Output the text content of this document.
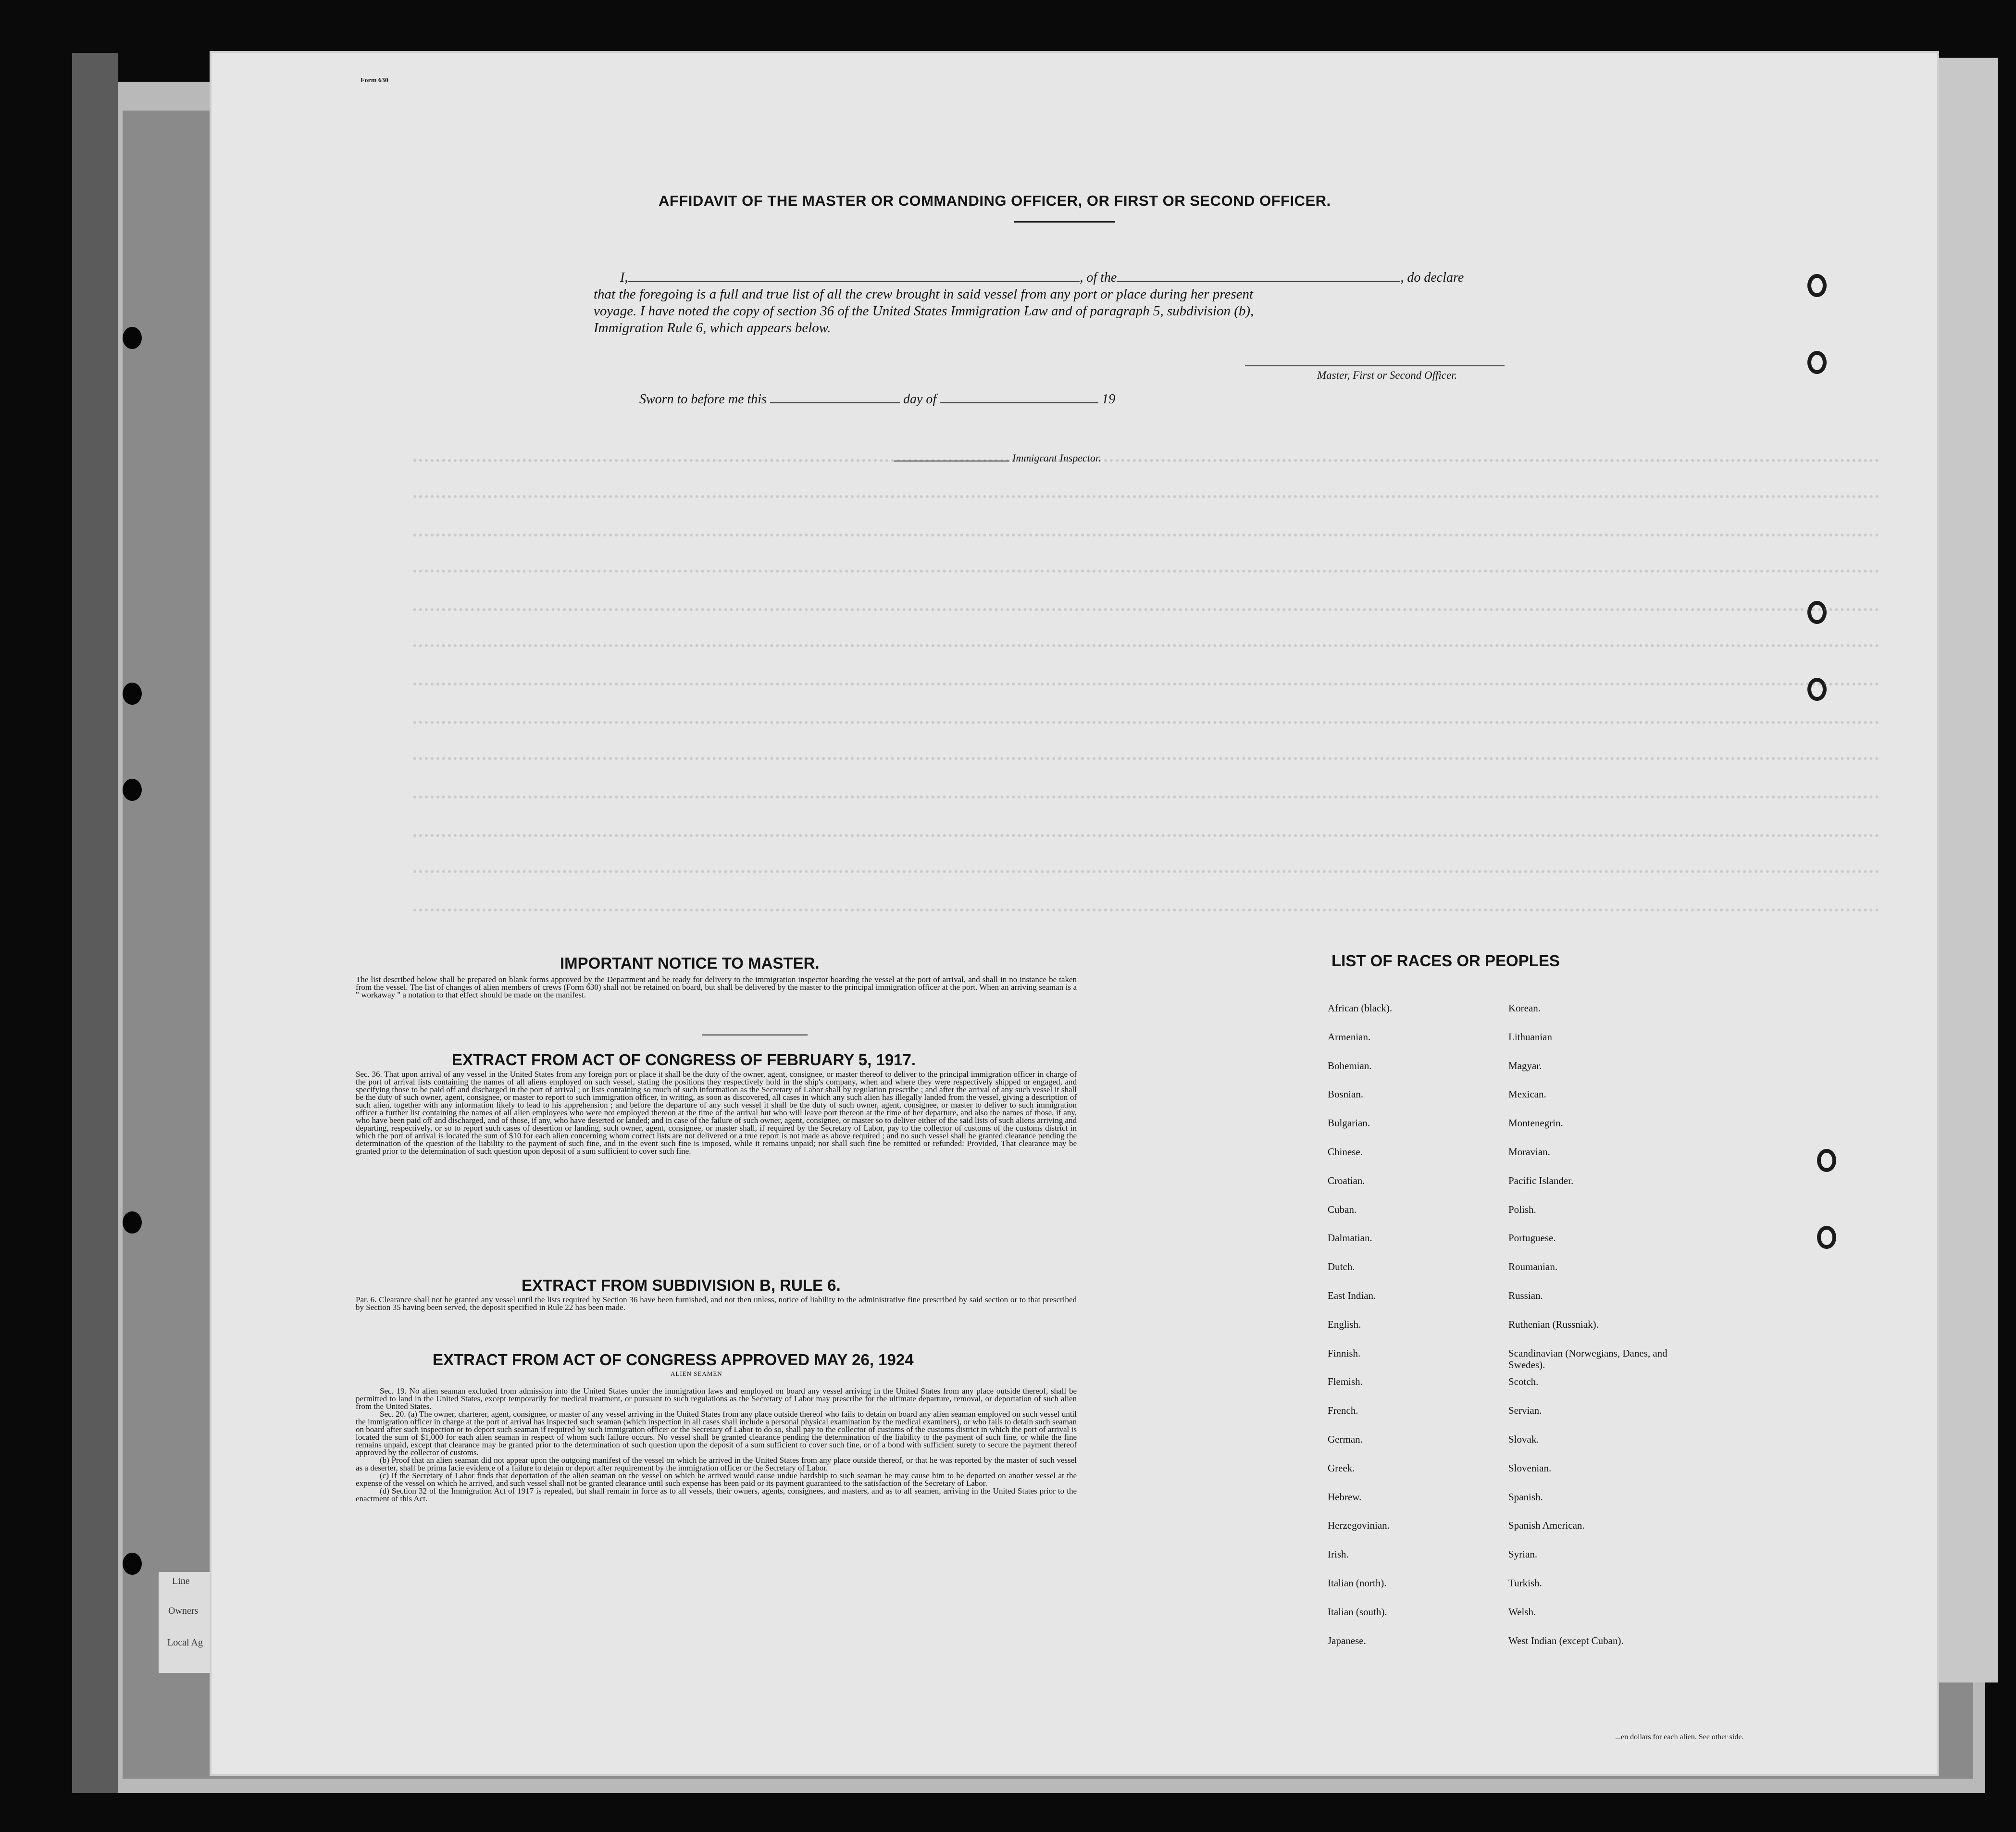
Line
Owners
Local Ag
Form 630
AFFIDAVIT OF THE MASTER OR COMMANDING OFFICER, OR FIRST OR SECOND OFFICER.

I,	, of the	, do declare

that the foregoing is a full and true list of all the crew brought in said vessel from any port or place during her present

voyage. I have noted the copy of section 36 of the United States Immigration Law and of paragraph 5, subdivision (b),

Immigration Rule 6, which appears below.

Master, First or Second Officer.
Sworn to before me this	day of	19
Immigrant Inspector.
IMPORTANT NOTICE TO MASTER.
The list described below shall be prepared on blank forms approved by the Department and be ready for delivery to the immigration inspector boarding the vessel at the port of arrival, and shall in no instance be taken from the vessel. The list of changes of alien members of crews (Form 630) shall not be retained on board, but shall be delivered by the master to the principal immigration officer at the port. When an arriving seaman is a " workaway " a notation to that effect should be made on the manifest.
EXTRACT FROM ACT OF CONGRESS OF FEBRUARY 5, 1917.
Sec. 36. That upon arrival of any vessel in the United States from any foreign port or place it shall be the duty of the owner, agent, consignee, or master thereof to deliver to the principal immigration officer in charge of the port of arrival lists containing the names of all aliens employed on such vessel, stating the positions they respectively hold in the ship's company, when and where they were respectively shipped or engaged, and specifying those to be paid off and discharged in the port of arrival ; or lists containing so much of such information as the Secretary of Labor shall by regulation prescribe ; and after the arrival of any such vessel it shall be the duty of such owner, agent, consignee, or master to report to such immigration officer, in writing, as soon as discovered, all cases in which any such alien has illegally landed from the vessel, giving a description of such alien, together with any information likely to lead to his apprehension ; and before the departure of any such vessel it shall be the duty of such owner, agent, consignee, or master to deliver to such immigration officer a further list containing the names of all alien employees who were not employed thereon at the time of the arrival but who will leave port thereon at the time of her departure, and also the names of those, if any, who have been paid off and discharged, and of those, if any, who have deserted or landed; and in case of the failure of such owner, agent, consignee, or master so to deliver either of the said lists of such aliens arriving and departing, respectively, or so to report such cases of desertion or landing, such owner, agent, consignee, or master shall, if required by the Secretary of Labor, pay to the collector of customs of the customs district in which the port of arrival is located the sum of $10 for each alien concerning whom correct lists are not delivered or a true report is not made as above required ; and no such vessel shall be granted clearance pending the determination of the question of the liability to the payment of such fine, and in the event such fine is imposed, while it remains unpaid; nor shall such fine be remitted or refunded: Provided, That clearance may be granted prior to the determination of such question upon deposit of a sum sufficient to cover such fine.
EXTRACT FROM SUBDIVISION B, RULE 6.
Par. 6. Clearance shall not be granted any vessel until the lists required by Section 36 have been furnished, and not then unless, notice of liability to the administrative fine prescribed by said section or to that prescribed by Section 35 having been served, the deposit specified in Rule 22 has been made.
EXTRACT FROM ACT OF CONGRESS APPROVED MAY 26, 1924
ALIEN SEAMEN

Sec. 19. No alien seaman excluded from admission into the United States under the immigration laws and employed on board any vessel arriving in the United States from any place outside thereof, shall be permitted to land in the United States, except temporarily for medical treatment, or pursuant to such regulations as the Secretary of Labor may prescribe for the ultimate departure, removal, or deportation of such alien from the United States.

Sec. 20. (a) The owner, charterer, agent, consignee, or master of any vessel arriving in the United States from any place outside thereof who fails to detain on board any alien seaman employed on such vessel until the immigration officer in charge at the port of arrival has inspected such seaman (which inspection in all cases shall include a personal physical examination by the medical examiners), or who fails to detain such seaman on board after such inspection or to deport such seaman if required by such immigration officer or the Secretary of Labor to do so, shall pay to the collector of customs of the customs district in which the port of arrival is located the sum of $1,000 for each alien seaman in respect of whom such failure occurs. No vessel shall be granted clearance pending the determination of the liability to the payment of such fine, or while the fine remains unpaid, except that clearance may be granted prior to the determination of such question upon the deposit of a sum sufficient to cover such fine, or of a bond with sufficient surety to secure the payment thereof approved by the collector of customs.

(b) Proof that an alien seaman did not appear upon the outgoing manifest of the vessel on which he arrived in the United States from any place outside thereof, or that he was reported by the master of such vessel as a deserter, shall be prima facie evidence of a failure to detain or deport after requirement by the immigration officer or the Secretary of Labor.

(c) If the Secretary of Labor finds that deportation of the alien seaman on the vessel on which he arrived would cause undue hardship to such seaman he may cause him to be deported on another vessel at the expense of the vessel on which he arrived, and such vessel shall not be granted clearance until such expense has been paid or its payment guaranteed to the satisfaction of the Secretary of Labor.

(d) Section 32 of the Immigration Act of 1917 is repealed, but shall remain in force as to all vessels, their owners, agents, consignees, and masters, and as to all seamen, arriving in the United States prior to the enactment of this Act.

LIST OF RACES OR PEOPLES
African (black).
Armenian.
Bohemian.
Bosnian.
Bulgarian.
Chinese.
Croatian.
Cuban.
Dalmatian.
Dutch.
East Indian.
English.
Finnish.
Flemish.
French.
German.
Greek.
Hebrew.
Herzegovinian.
Irish.
Italian (north).
Italian (south).
Japanese.
Korean.
Lithuanian
Magyar.
Mexican.
Montenegrin.
Moravian.
Pacific Islander.
Polish.
Portuguese.
Roumanian.
Russian.
Ruthenian (Russniak).
Scandinavian (Norwegians, Danes, and Swedes).
Scotch.
Servian.
Slovak.
Slovenian.
Spanish.
Spanish American.
Syrian.
Turkish.
Welsh.
West Indian (except Cuban).
...en dollars for each alien. See other side.
